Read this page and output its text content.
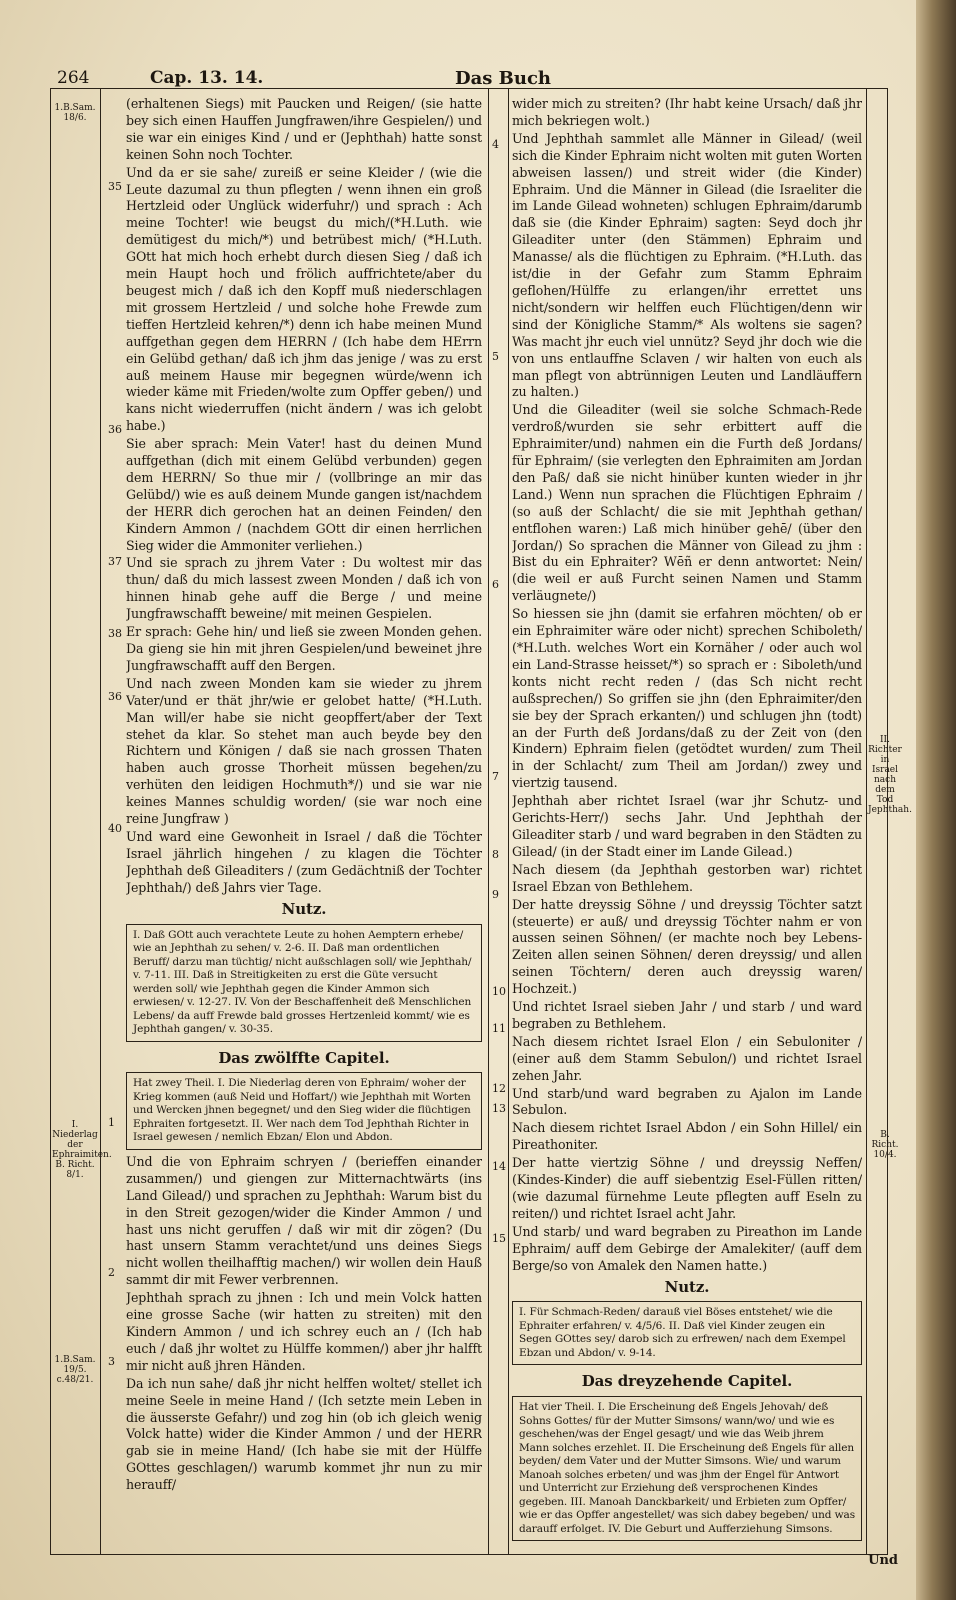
264	Cap. 13. 14.	Das Buch
1.B.Sam. 18/6.
I. Niederlag der Ephraimiten. B. Richt. 8/1.
1.B.Sam. 19/5. c.48/21.
II. Richter in Israel nach dem Tod Jephthah.
B. Richt. 10/4.
35
36
37
38
36
40
1
2
3
4
5
6
7
8
9
10
11
12
13
14
15

(erhaltenen Siegs) mit Paucken und Reigen/ (sie hatte bey sich einen Hauffen Jungfrawen/ihre Gespielen/) und sie war ein einiges Kind / und er (Jephthah) hatte sonst keinen Sohn noch Tochter.

Und da er sie sahe/ zureiß er seine Kleider / (wie die Leute dazumal zu thun pflegten / wenn ihnen ein groß Hertzleid oder Unglück widerfuhr/) und sprach : Ach meine Tochter! wie beugst du mich/(*H.Luth. wie demütigest du mich/*) und betrübest mich/ (*H.Luth. GOtt hat mich hoch erhebt durch diesen Sieg / daß ich mein Haupt hoch und frölich auffrichtete/aber du beugest mich / daß ich den Kopff muß niederschlagen mit grossem Hertzleid / und solche hohe Frewde zum tieffen Hertzleid kehren/*) denn ich habe meinen Mund auffgethan gegen dem HERRN / (Ich habe dem HErrn ein Gelübd gethan/ daß ich jhm das jenige / was zu erst auß meinem Hause mir begegnen würde/wenn ich wieder käme mit Frieden/wolte zum Opffer geben/) und kans nicht wiederruffen (nicht ändern / was ich gelobt habe.)

Sie aber sprach: Mein Vater! hast du deinen Mund auffgethan (dich mit einem Gelübd verbunden) gegen dem HERRN/ So thue mir / (vollbringe an mir das Gelübd/) wie es auß deinem Munde gangen ist/nachdem der HERR dich gerochen hat an deinen Feinden/ den Kindern Ammon / (nachdem GOtt dir einen herrlichen Sieg wider die Ammoniter verliehen.)

Und sie sprach zu jhrem Vater : Du woltest mir das thun/ daß du mich lassest zween Monden / daß ich von hinnen hinab gehe auff die Berge / und meine Jungfrawschafft beweine/ mit meinen Gespielen.

Er sprach: Gehe hin/ und ließ sie zween Monden gehen. Da gieng sie hin mit jhren Gespielen/und beweinet jhre Jungfrawschafft auff den Bergen.

Und nach zween Monden kam sie wieder zu jhrem Vater/und er thät jhr/wie er gelobet hatte/ (*H.Luth. Man will/er habe sie nicht geopffert/aber der Text stehet da klar. So stehet man auch beyde bey den Richtern und Königen / daß sie nach grossen Thaten haben auch grosse Thorheit müssen begehen/zu verhüten den leidigen Hochmuth*/) und sie war nie keines Mannes schuldig worden/ (sie war noch eine reine Jungfraw )

Und ward eine Gewonheit in Israel / daß die Töchter Israel jährlich hingehen / zu klagen die Töchter Jephthah deß Gileaditers / (zum Gedächtniß der Tochter Jephthah/) deß Jahrs vier Tage.

Nutz.
I. Daß GOtt auch verachtete Leute zu hohen Aemptern erhebe/ wie an Jephthah zu sehen/ v. 2-6. II. Daß man ordentlichen Beruff/ darzu man tüchtig/ nicht außschlagen soll/ wie Jephthah/ v. 7-11. III. Daß in Streitigkeiten zu erst die Güte versucht werden soll/ wie Jephthah gegen die Kinder Ammon sich erwiesen/ v. 12-27. IV. Von der Beschaffenheit deß Menschlichen Lebens/ da auff Frewde bald grosses Hertzenleid kommt/ wie es Jephthah gangen/ v. 30-35.
Das zwölffte Capitel.
Hat zwey Theil. I. Die Niederlag deren von Ephraim/ woher der Krieg kommen (auß Neid und Hoffart/) wie Jephthah mit Worten und Wercken jhnen begegnet/ und den Sieg wider die flüchtigen Ephraiten fortgesetzt. II. Wer nach dem Tod Jephthah Richter in Israel gewesen / nemlich Ebzan/ Elon und Abdon.

Und die von Ephraim schryen / (berieffen einander zusammen/) und giengen zur Mitternachtwärts (ins Land Gilead/) und sprachen zu Jephthah: Warum bist du in den Streit gezogen/wider die Kinder Ammon / und hast uns nicht geruffen / daß wir mit dir zögen? (Du hast unsern Stamm verachtet/und uns deines Siegs nicht wollen theilhafftig machen/) wir wollen dein Hauß sammt dir mit Fewer verbrennen.

Jephthah sprach zu jhnen : Ich und mein Volck hatten eine grosse Sache (wir hatten zu streiten) mit den Kindern Ammon / und ich schrey euch an / (Ich hab euch / daß jhr woltet zu Hülffe kommen/) aber jhr halfft mir nicht auß jhren Händen.

Da ich nun sahe/ daß jhr nicht helffen woltet/ stellet ich meine Seele in meine Hand / (Ich setzte mein Leben in die äusserste Gefahr/) und zog hin (ob ich gleich wenig Volck hatte) wider die Kinder Ammon / und der HERR gab sie in meine Hand/ (Ich habe sie mit der Hülffe GOttes geschlagen/) warumb kommet jhr nun zu mir herauff/

wider mich zu streiten? (Ihr habt keine Ursach/ daß jhr mich bekriegen wolt.)

Und Jephthah sammlet alle Männer in Gilead/ (weil sich die Kinder Ephraim nicht wolten mit guten Worten abweisen lassen/) und streit wider (die Kinder) Ephraim. Und die Männer in Gilead (die Israeliter die im Lande Gilead wohneten) schlugen Ephraim/darumb daß sie (die Kinder Ephraim) sagten: Seyd doch jhr Gileaditer unter (den Stämmen) Ephraim und Manasse/ als die flüchtigen zu Ephraim. (*H.Luth. das ist/die in der Gefahr zum Stamm Ephraim geflohen/Hülffe zu erlangen/ihr errettet uns nicht/sondern wir helffen euch Flüchtigen/denn wir sind der Königliche Stamm/* Als woltens sie sagen? Was macht jhr euch viel unnütz? Seyd jhr doch wie die von uns entlauffne Sclaven / wir halten von euch als man pflegt von abtrünnigen Leuten und Landläuffern zu halten.)

Und die Gileaditer (weil sie solche Schmach-Rede verdroß/wurden sie sehr erbittert auff die Ephraimiter/und) nahmen ein die Furth deß Jordans/ für Ephraim/ (sie verlegten den Ephraimiten am Jordan den Paß/ daß sie nicht hinüber kunten wieder in jhr Land.) Wenn nun sprachen die Flüchtigen Ephraim / (so auß der Schlacht/ die sie mit Jephthah gethan/ entflohen waren:) Laß mich hinüber gehē/ (über den Jordan/) So sprachen die Männer von Gilead zu jhm : Bist du ein Ephraiter? Wēñ er denn antwortet: Nein/ (die weil er auß Furcht seinen Namen und Stamm verläugnete/)

So hiessen sie jhn (damit sie erfahren möchten/ ob er ein Ephraimiter wäre oder nicht) sprechen Schiboleth/ (*H.Luth. welches Wort ein Kornäher / oder auch wol ein Land-Strasse heisset/*) so sprach er : Siboleth/und konts nicht recht reden / (das Sch nicht recht außsprechen/) So griffen sie jhn (den Ephraimiter/den sie bey der Sprach erkanten/) und schlugen jhn (todt) an der Furth deß Jordans/daß zu der Zeit von (den Kindern) Ephraim fielen (getödtet wurden/ zum Theil in der Schlacht/ zum Theil am Jordan/) zwey und viertzig tausend.

Jephthah aber richtet Israel (war jhr Schutz- und Gerichts-Herr/) sechs Jahr. Und Jephthah der Gileaditer starb / und ward begraben in den Städten zu Gilead/ (in der Stadt einer im Lande Gilead.)

Nach diesem (da Jephthah gestorben war) richtet Israel Ebzan von Bethlehem.

Der hatte dreyssig Söhne / und dreyssig Töchter satzt (steuerte) er auß/ und dreyssig Töchter nahm er von aussen seinen Söhnen/ (er machte noch bey Lebens-Zeiten allen seinen Söhnen/ deren dreyssig/ und allen seinen Töchtern/ deren auch dreyssig waren/ Hochzeit.)

Und richtet Israel sieben Jahr / und starb / und ward begraben zu Bethlehem.

Nach diesem richtet Israel Elon / ein Sebuloniter / (einer auß dem Stamm Sebulon/) und richtet Israel zehen Jahr.

Und starb/und ward begraben zu Ajalon im Lande Sebulon.

Nach diesem richtet Israel Abdon / ein Sohn Hillel/ ein Pireathoniter.

Der hatte viertzig Söhne / und dreyssig Neffen/ (Kindes-Kinder) die auff siebentzig Esel-Füllen ritten/ (wie dazumal fürnehme Leute pflegten auff Eseln zu reiten/) und richtet Israel acht Jahr.

Und starb/ und ward begraben zu Pireathon im Lande Ephraim/ auff dem Gebirge der Amalekiter/ (auff dem Berge/so von Amalek den Namen hatte.)

Nutz.
I. Für Schmach-Reden/ darauß viel Böses entstehet/ wie die Ephraiter erfahren/ v. 4/5/6. II. Daß viel Kinder zeugen ein Segen GOttes sey/ darob sich zu erfrewen/ nach dem Exempel Ebzan und Abdon/ v. 9-14.
Das dreyzehende Capitel.
Hat vier Theil. I. Die Erscheinung deß Engels Jehovah/ deß Sohns Gottes/ für der Mutter Simsons/ wann/wo/ und wie es geschehen/was der Engel gesagt/ und wie das Weib jhrem Mann solches erzehlet. II. Die Erscheinung deß Engels für allen beyden/ dem Vater und der Mutter Simsons. Wie/ und warum Manoah solches erbeten/ und was jhm der Engel für Antwort und Unterricht zur Erziehung deß versprochenen Kindes gegeben. III. Manoah Danckbarkeit/ und Erbieten zum Opffer/ wie er das Opffer angestellet/ was sich dabey begeben/ und was darauff erfolget. IV. Die Geburt und Aufferziehung Simsons.
Und
